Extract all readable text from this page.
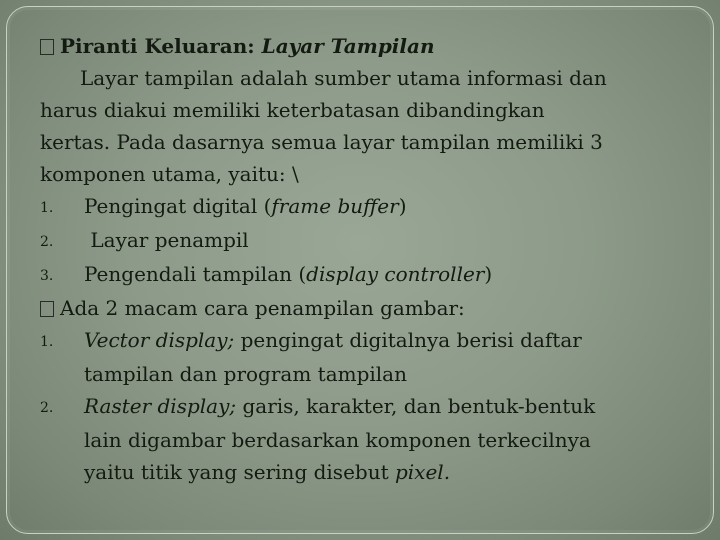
Piranti Keluaran: Layar Tampilan
Layar tampilan adalah sumber utama informasi dan
harus diakui memiliki keterbatasan dibandingkan
kertas. Pada dasarnya semua layar tampilan memiliki 3
komponen utama, yaitu: \
1. Pengingat digital (frame buffer)
2. Layar penampil
3. Pengendali tampilan (display controller)
Ada 2 macam cara penampilan gambar:
1. Vector display; pengingat digitalnya berisi daftar
tampilan dan program tampilan
2. Raster display; garis, karakter, dan bentuk-bentuk
lain digambar berdasarkan komponen terkecilnya
yaitu titik yang sering disebut pixel.
